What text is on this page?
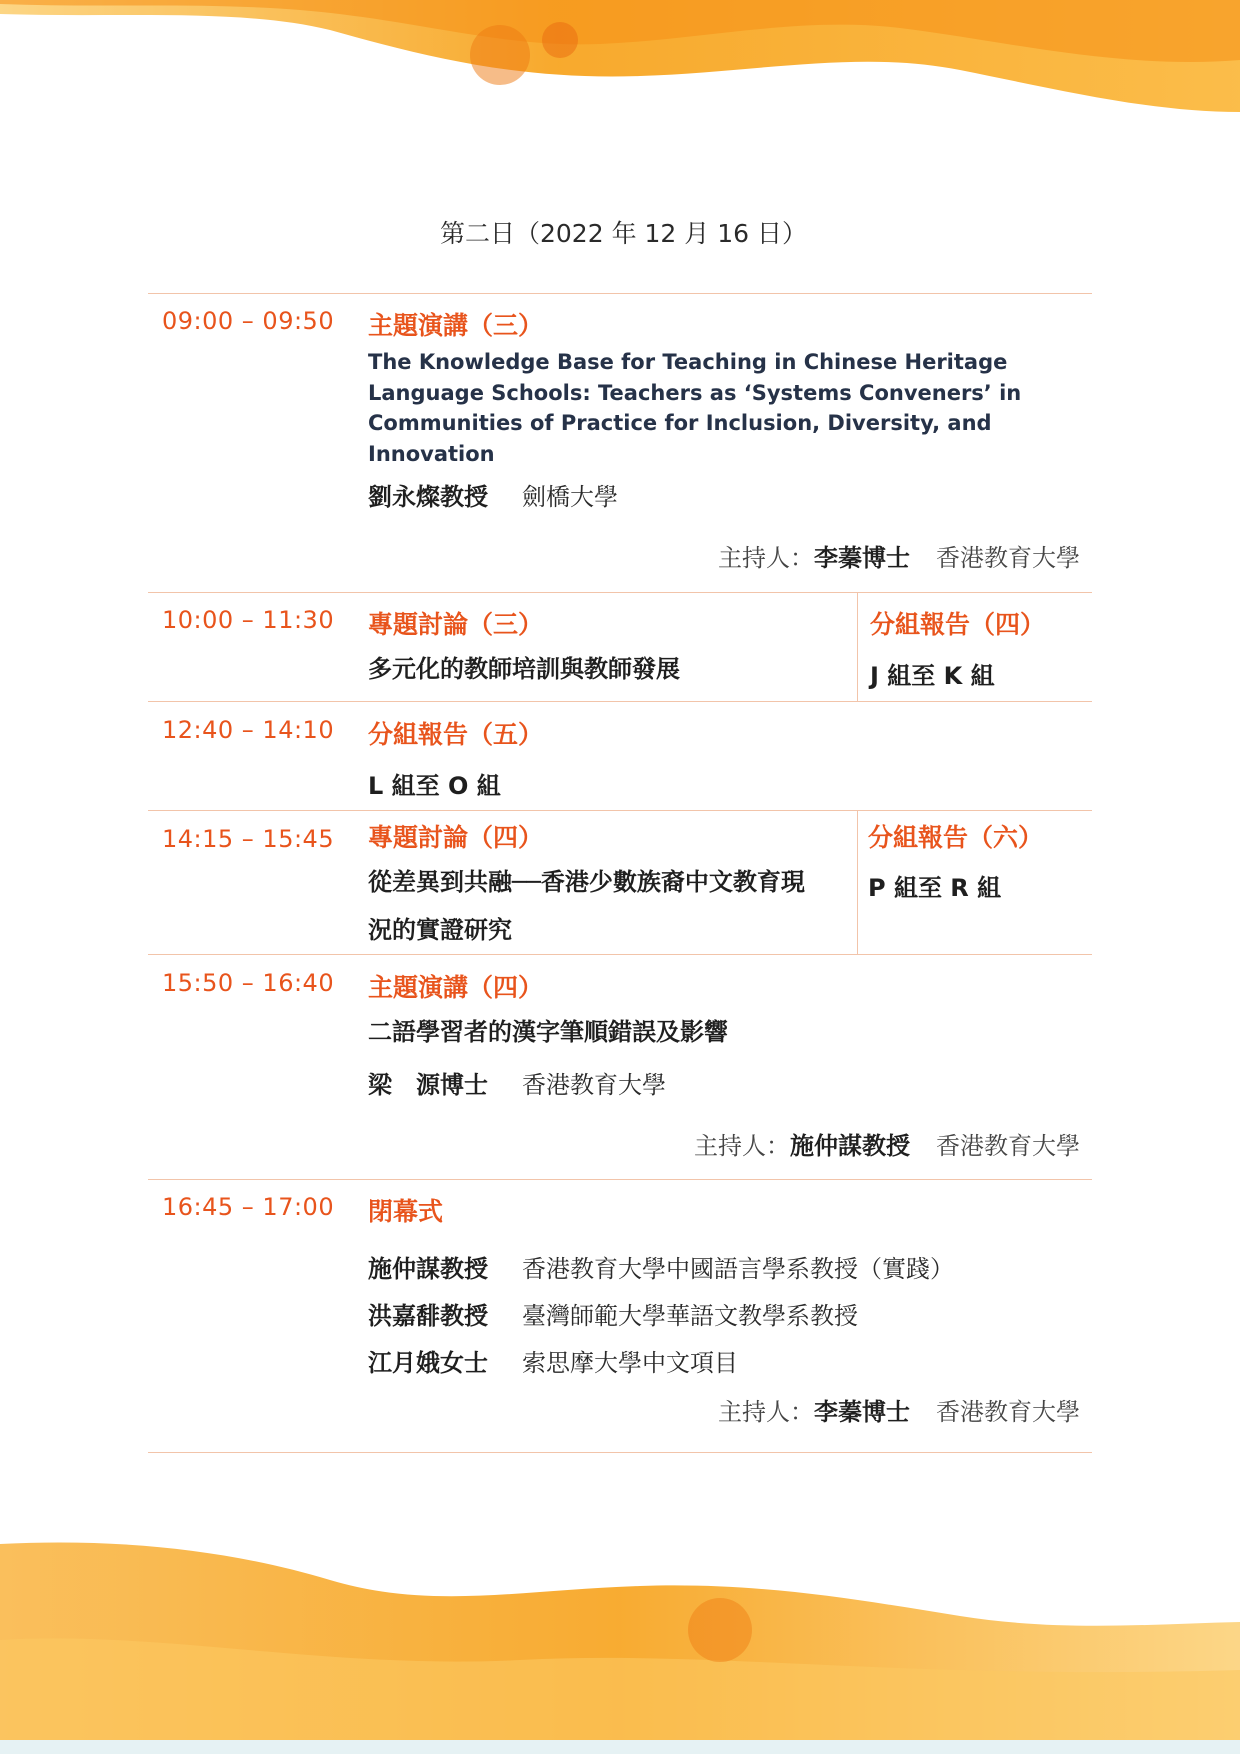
第二日（2022 年 12 月 16 日）
09:00 – 09:50 主題演講（三）
The Knowledge Base for Teaching in Chinese Heritage Language Schools: Teachers as ‘Systems Conveners’ in Communities of Practice for Inclusion, Diversity, and Innovation
劉永燦教授 劍橋大學
主持人：李蓁博士 香港教育大學
10:00 – 11:30 專題討論（三）
多元化的教師培訓與教師發展
分組報告（四）
J 組至 K 組
12:40 – 14:10 分組報告（五）
L 組至 O 組
14:15 – 15:45 專題討論（四）
從差異到共融──香港少數族裔中文教育現
況的實證研究
分組報告（六）
P 組至 R 組
15:50 – 16:40 主題演講（四）
二語學習者的漢字筆順錯誤及影響
梁　源博士 香港教育大學
主持人：施仲謀教授 香港教育大學
16:45 – 17:00 閉幕式
施仲謀教授 香港教育大學中國語言學系教授（實踐）
洪嘉馡教授 臺灣師範大學華語文教學系教授
江月娥女士 索思摩大學中文項目
主持人：李蓁博士 香港教育大學
